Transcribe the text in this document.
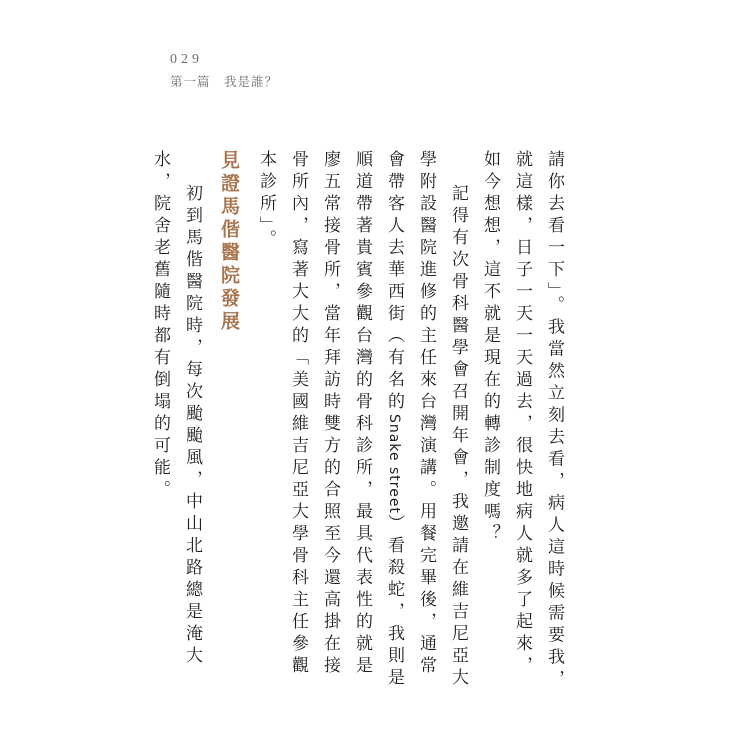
029
第一篇　我是誰？

請你去看一下」。我當然立刻去看，病人這時候需要我，就這樣，日子一天一天過去，很快地病人就多了起來，如今想想，這不就是現在的轉診制度嗎？

記得有次骨科醫學會召開年會，我邀請在維吉尼亞大學附設醫院進修的主任來台灣演講。用餐完畢後，通常會帶客人去華西街（有名的Snake street）看殺蛇，我則是順道帶著貴賓參觀台灣的骨科診所，最具代表性的就是廖五常接骨所，當年拜訪時雙方的合照至今還高掛在接骨所內，寫著大大的「美國維吉尼亞大學骨科主任參觀本診所」。

見證馬偕醫院發展

初到馬偕醫院時，每次颱颱風，中山北路總是淹大水，院舍老舊隨時都有倒塌的可能。
